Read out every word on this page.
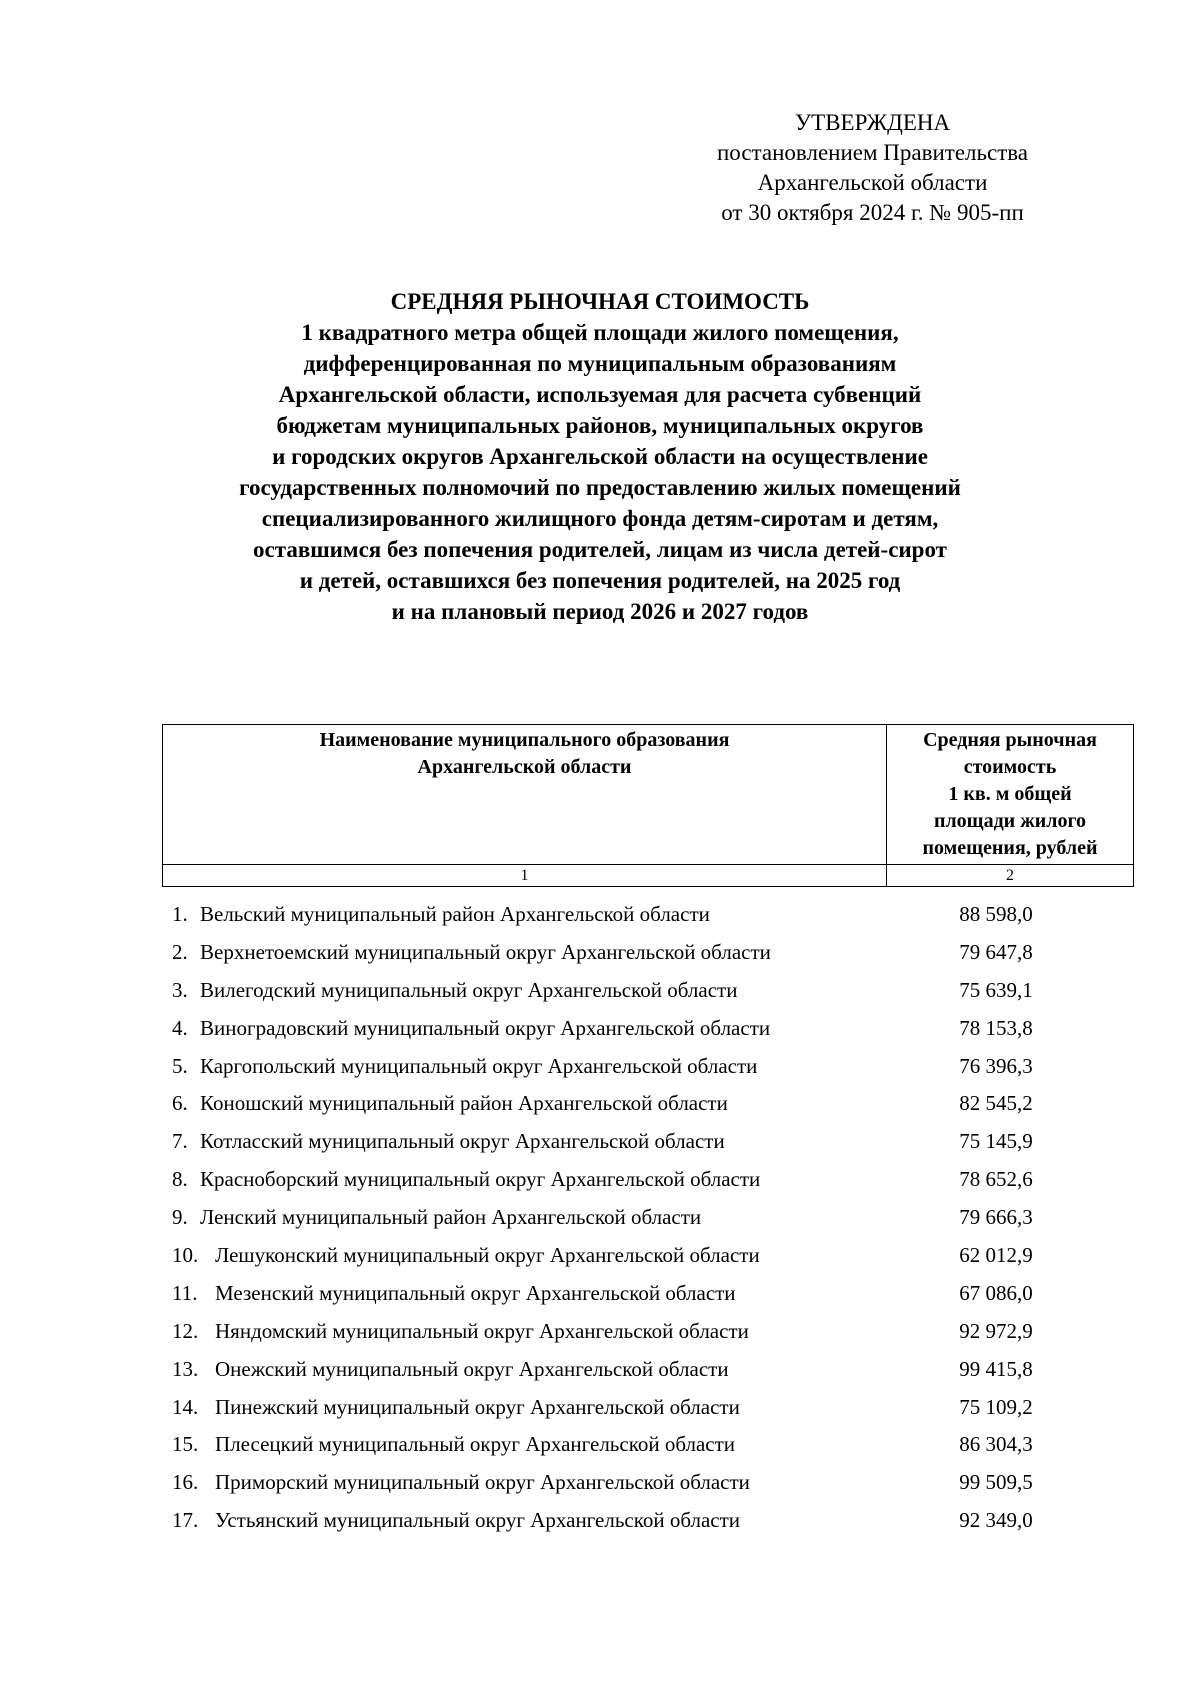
УТВЕРЖДЕНА
постановлением Правительства
Архангельской области
от 30 октября 2024 г. № 905-пп
СРЕДНЯЯ РЫНОЧНАЯ СТОИМОСТЬ
1 квадратного метра общей площади жилого помещения,
дифференцированная по муниципальным образованиям
Архангельской области, используемая для расчета субвенций
бюджетам муниципальных районов, муниципальных округов
и городских округов Архангельской области на осуществление
государственных полномочий по предоставлению жилых помещений
специализированного жилищного фонда детям-сиротам и детям,
оставшимся без попечения родителей, лицам из числа детей-сирот
и детей, оставшихся без попечения родителей, на 2025 год
и на плановый период 2026 и 2027 годов
Наименование муниципального образования
Архангельской области	Средняя рыночная
стоимость
1 кв. м общей
площади жилого
помещения, рублей

1	2
1. Вельский муниципальный район Архангельской области	88 598,0
2. Верхнетоемский муниципальный округ Архангельской области	79 647,8
3. Вилегодский муниципальный округ Архангельской области	75 639,1
4. Виноградовский муниципальный округ Архангельской области	78 153,8
5. Каргопольский муниципальный округ Архангельской области	76 396,3
6. Коношский муниципальный район Архангельской области	82 545,2
7. Котласский муниципальный округ Архангельской области	75 145,9
8. Красноборский муниципальный округ Архангельской области	78 652,6
9. Ленский муниципальный район Архангельской области	79 666,3
10. Лешуконский муниципальный округ Архангельской области	62 012,9
11. Мезенский муниципальный округ Архангельской области	67 086,0
12. Няндомский муниципальный округ Архангельской области	92 972,9
13. Онежский муниципальный округ Архангельской области	99 415,8
14. Пинежский муниципальный округ Архангельской области	75 109,2
15. Плесецкий муниципальный округ Архангельской области	86 304,3
16. Приморский муниципальный округ Архангельской области	99 509,5
17. Устьянский муниципальный округ Архангельской области	92 349,0
